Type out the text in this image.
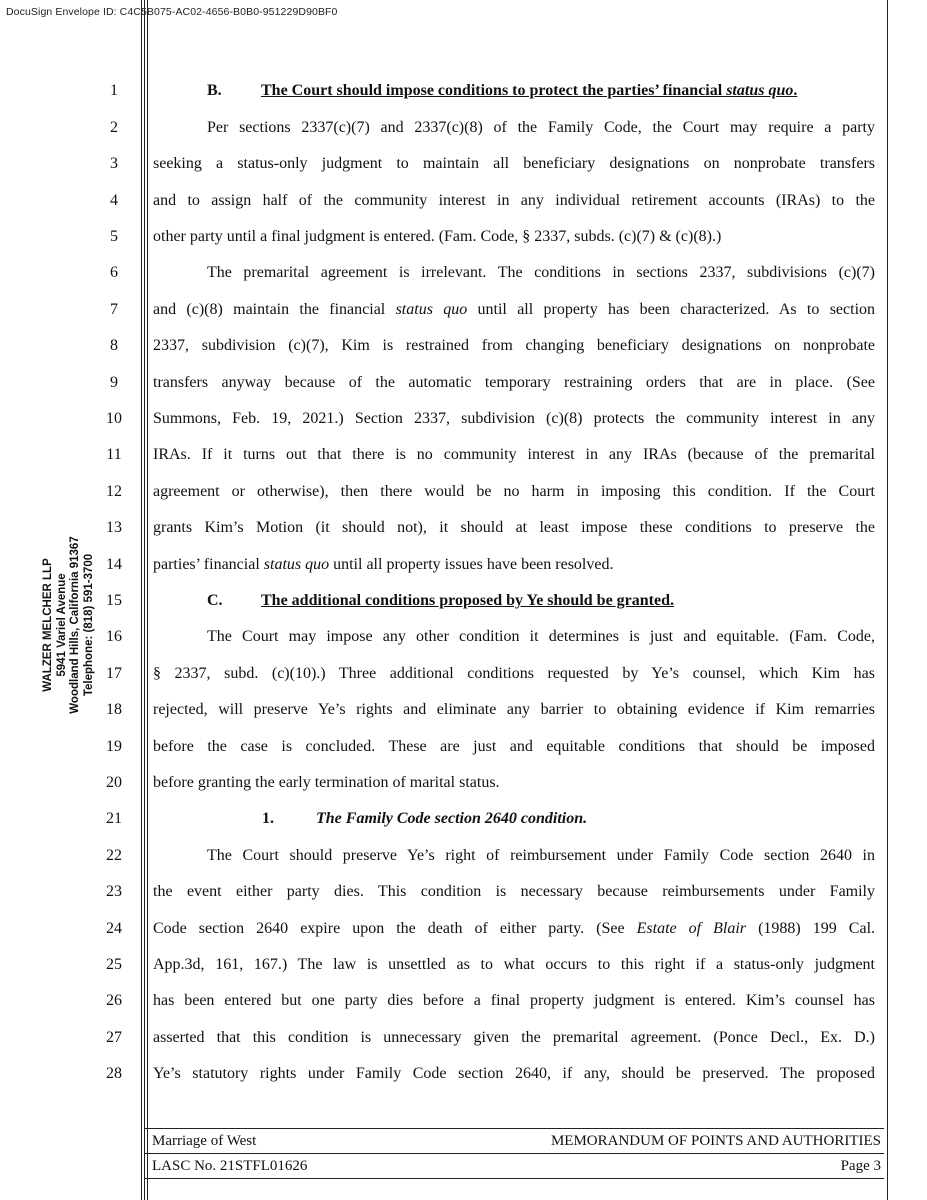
DocuSign Envelope ID: C4C5B075-AC02-4656-B0B0-951229D90BF0
WALZER MELCHER LLP 5941 Variel Avenue Woodland Hills, California 91367 Telephone: (818) 591-3700
1
2
3
4
5
6
7
8
9
10
11
12
13
14
15
16
17
18
19
20
21
22
23
24
25
26
27
28
B. The Court should impose conditions to protect the parties’ financial status quo.
Per sections 2337(c)(7) and 2337(c)(8) of the Family Code, the Court may require a party
seeking a status-only judgment to maintain all beneficiary designations on nonprobate transfers
and to assign half of the community interest in any individual retirement accounts (IRAs) to the
other party until a final judgment is entered. (Fam. Code, § 2337, subds. (c)(7) & (c)(8).)
The premarital agreement is irrelevant. The conditions in sections 2337, subdivisions (c)(7)
and (c)(8) maintain the financial status quo until all property has been characterized. As to section
2337, subdivision (c)(7), Kim is restrained from changing beneficiary designations on nonprobate
transfers anyway because of the automatic temporary restraining orders that are in place. (See
Summons, Feb. 19, 2021.) Section 2337, subdivision (c)(8) protects the community interest in any
IRAs. If it turns out that there is no community interest in any IRAs (because of the premarital
agreement or otherwise), then there would be no harm in imposing this condition. If the Court
grants Kim’s Motion (it should not), it should at least impose these conditions to preserve the
parties’ financial status quo until all property issues have been resolved.
C. The additional conditions proposed by Ye should be granted.
The Court may impose any other condition it determines is just and equitable. (Fam. Code,
§ 2337, subd. (c)(10).) Three additional conditions requested by Ye’s counsel, which Kim has
rejected, will preserve Ye’s rights and eliminate any barrier to obtaining evidence if Kim remarries
before the case is concluded. These are just and equitable conditions that should be imposed
before granting the early termination of marital status.
1.	The Family Code section 2640 condition.
The Court should preserve Ye’s right of reimbursement under Family Code section 2640 in
the event either party dies. This condition is necessary because reimbursements under Family
Code section 2640 expire upon the death of either party. (See Estate of Blair (1988) 199 Cal.
App.3d, 161, 167.) The law is unsettled as to what occurs to this right if a status-only judgment
has been entered but one party dies before a final property judgment is entered. Kim’s counsel has
asserted that this condition is unnecessary given the premarital agreement. (Ponce Decl., Ex. D.)
Ye’s statutory rights under Family Code section 2640, if any, should be preserved. The proposed
Marriage of West	MEMORANDUM OF POINTS AND AUTHORITIES
LASC No. 21STFL01626	Page 3
